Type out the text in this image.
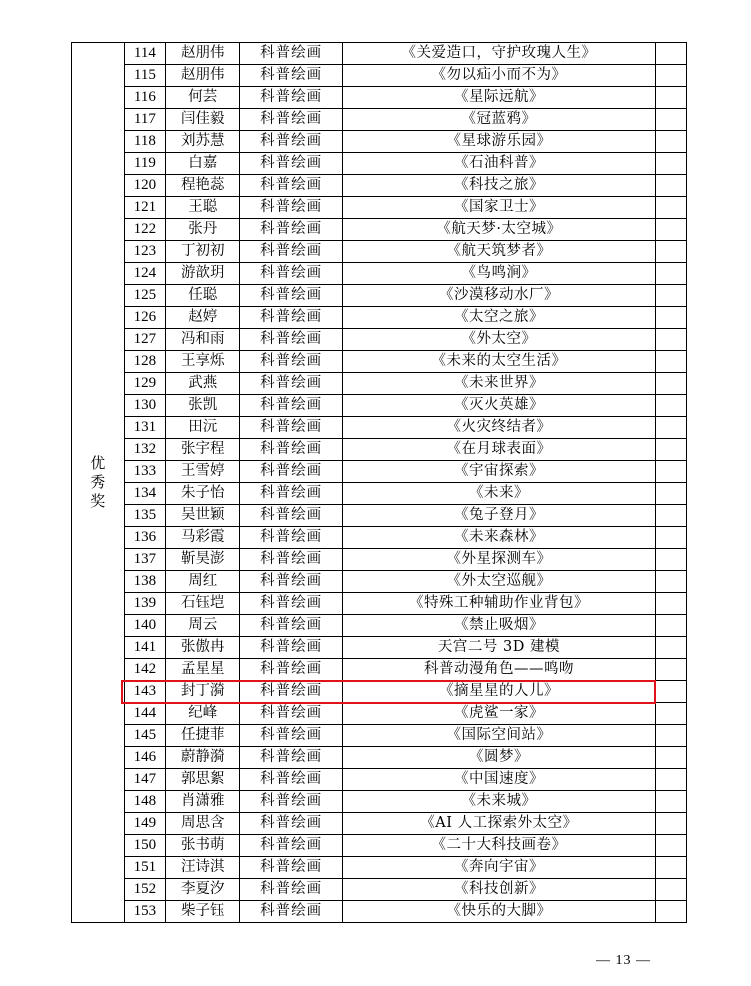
优秀奖	114	赵朋伟	科普绘画	《关爱造口，守护玫瑰人生》	
	115	赵朋伟	科普绘画	《勿以疝小而不为》	
	116	何芸	科普绘画	《星际远航》	
	117	闫佳毅	科普绘画	《冠蓝鸦》	
	118	刘苏慧	科普绘画	《星球游乐园》	
	119	白嘉	科普绘画	《石油科普》	
	120	程艳蕊	科普绘画	《科技之旅》	
	121	王聪	科普绘画	《国家卫士》	
	122	张丹	科普绘画	《航天梦·太空城》	
	123	丁初初	科普绘画	《航天筑梦者》	
	124	游歆玥	科普绘画	《鸟鸣涧》	
	125	任聪	科普绘画	《沙漠移动水厂》	
	126	赵婷	科普绘画	《太空之旅》	
	127	冯和雨	科普绘画	《外太空》	
	128	王享烁	科普绘画	《未来的太空生活》	
	129	武燕	科普绘画	《未来世界》	
	130	张凯	科普绘画	《灭火英雄》	
	131	田沅	科普绘画	《火灾终结者》	
	132	张宇程	科普绘画	《在月球表面》	
	133	王雪婷	科普绘画	《宇宙探索》	
	134	朱子怡	科普绘画	《未来》	
	135	吴世颖	科普绘画	《兔子登月》	
	136	马彩霞	科普绘画	《未来森林》	
	137	靳昊澎	科普绘画	《外星探测车》	
	138	周红	科普绘画	《外太空巡舰》	
	139	石钰垲	科普绘画	《特殊工种辅助作业背包》	
	140	周云	科普绘画	《禁止吸烟》	
	141	张傲冉	科普绘画	天宫二号 3D 建模	
	142	孟星星	科普绘画	科普动漫角色——鸣吻	
	143	封丁漪	科普绘画	《摘星星的人儿》	
	144	纪峰	科普绘画	《虎鲨一家》	
	145	任捷菲	科普绘画	《国际空间站》	
	146	蔚静漪	科普绘画	《圆梦》	
	147	郭思絮	科普绘画	《中国速度》	
	148	肖潇雅	科普绘画	《未来城》	
	149	周思含	科普绘画	《AI 人工探索外太空》	
	150	张书萌	科普绘画	《二十大科技画卷》	
	151	汪诗淇	科普绘画	《奔向宇宙》	
	152	李夏汐	科普绘画	《科技创新》	
	153	柴子钰	科普绘画	《快乐的大脚》	
— 13 —
